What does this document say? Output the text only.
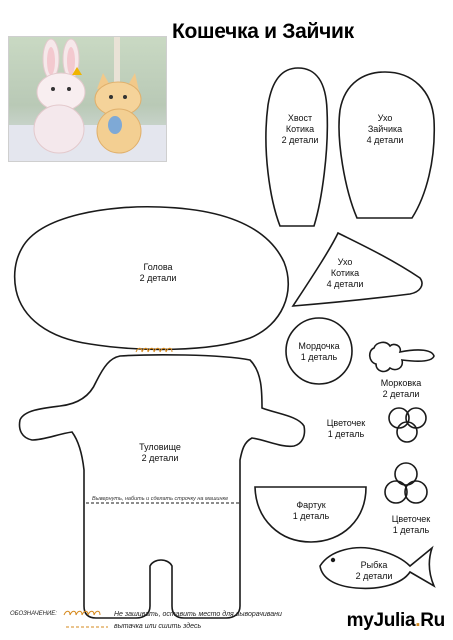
Кошечка и Зайчик
Хвост
Котика
2 детали
Ухо
Зайчика
4 детали
Голова
2 детали
Ухо
Котика
4 детали
Мордочка
1 деталь
Морковка
2 детали
Цветочек
1 деталь
Туловище
2 детали
Вывернуть, набить и сделать строчку на машинке
Фартук
1 деталь	Цветочек
1 деталь
Рыбка
2 детали
ОБОЗНАЧЕНИЕ:	Не зашивать, оставить место для выворачивани
вытачка или сшить здесь	myJulia.Ru
